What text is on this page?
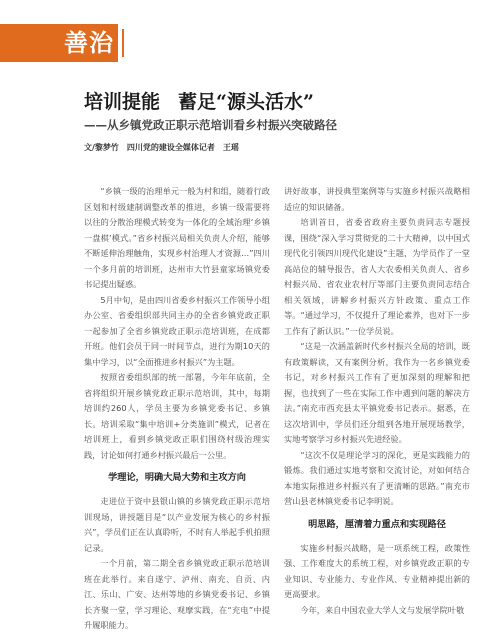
善治
培训提能 蓄足“源头活水”
——从乡镇党政正职示范培训看乡村振兴突破路径
文/黎梦竹 四川党的建设全媒体记者 王瑶

“乡镇一级的治理单元一般为村和组，随着行政区划和村级建制调整改革的推进，乡镇一级需要将以往的分散治理模式转变为一体化的全域治理‘乡镇一盘棋’模式。”省乡村振兴局相关负责人介绍，能够不断延伸治理触角，实现乡村治理人才资源…”四川一个多月前的培训班，达州市大竹县童家场镇党委书记提出疑惑。

5月中旬，是由四川省委乡村振兴工作领导小组办公室、省委组织部共同主办的全省乡镇党政正职一起参加了全省乡镇党政正职示范培训班，在成都开班。他们会员于同一时间节点，进行为期10天的集中学习，以“全面推进乡村振兴”为主题。

按照省委组织部的统一部署，今年年底前，全省将组织开展乡镇党政正职示范培训，其中，每期培训约260人，学员主要为乡镇党委书记、乡镇长。培训采取“集中培训+分类施训”模式，记者在培训班上，看到乡镇党政正职们围绕村级治理实践，讨论如何打通乡村振兴最后一公里。

学理论，明确大局大势和主攻方向

走进位于资中县银山镇的乡镇党政正职示范培训现场，讲授题目是“以产业发展为核心的乡村振兴”，学员们正在认真聆听，不时有人举起手机拍照记录。

一个月前，第二期全省乡镇党政正职示范培训班在此举行。来自遂宁、泸州、南充、自贡、内江、乐山、广安、达州等地的乡镇党委书记、乡镇长齐聚一堂，学习理论、观摩实践，在“充电”中提升履职能力。

讲好故事，讲授典型案例等与实施乡村振兴战略相适应的知识储备。

培训首日，省委省政府主要负责同志专题授课，围绕“深入学习贯彻党的二十大精神，以中国式现代化引领四川现代化建设”主题，为学员作了一堂高站位的辅导报告，省人大农委相关负责人、省乡村振兴局、省农业农村厅等部门主要负责同志结合相关领域，讲解乡村振兴方针政策、重点工作等。“通过学习，不仅提升了理论素养，也对下一步工作有了新认识。”一位学员说。

“这是一次涵盖新时代乡村振兴全局的培训，既有政策解读，又有案例分析，我作为一名乡镇党委书记，对乡村振兴工作有了更加深刻的理解和把握，也找到了一些在实际工作中遇到问题的解决方法。”南充市西充县太平镇党委书记表示。据悉，在这次培训中，学员们还分组到各地开展现场教学，实地考察学习乡村振兴先进经验。

“这次不仅是理论学习的深化，更是实践能力的锻炼。我们通过实地考察和交流讨论，对如何结合本地实际推进乡村振兴有了更清晰的思路。”南充市营山县老林镇党委书记李明说。

明思路，厘清着力重点和实现路径

实施乡村振兴战略，是一项系统工程，政策性强、工作难度大的系统工程，对乡镇党政正职的专业知识、专业能力、专业作风、专业精神提出新的更高要求。

今年，来自中国农业大学人文与发展学院叶敬
